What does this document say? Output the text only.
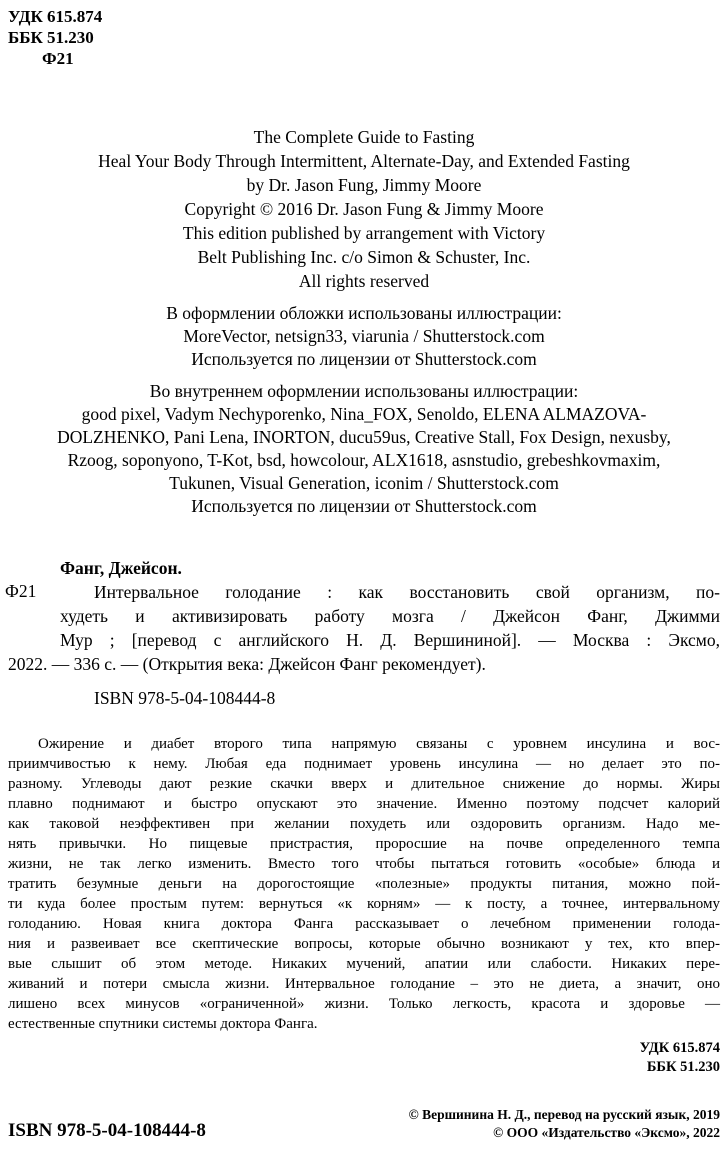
УДК 615.874
ББК 51.230
Ф21
The Complete Guide to Fasting
Heal Your Body Through Intermittent, Alternate-Day, and Extended Fasting
by Dr. Jason Fung, Jimmy Moore
Copyright © 2016 Dr. Jason Fung & Jimmy Moore
This edition published by arrangement with Victory
Belt Publishing Inc. c/o Simon & Schuster, Inc.
All rights reserved
В оформлении обложки использованы иллюстрации:
MoreVector, netsign33, viarunia / Shutterstock.com
Используется по лицензии от Shutterstock.com
Во внутреннем оформлении использованы иллюстрации:
good pixel, Vadym Nechyporenko, Nina_FOX, Senoldo, ELENA ALMAZOVA-
DOLZHENKO, Pani Lena, INORTON, ducu59us, Creative Stall, Fox Design, nexusby,
Rzoog, soponyono, T-Kot, bsd, howcolour, ALX1618, asnstudio, grebeshkovmaxim,
Tukunen, Visual Generation, iconim / Shutterstock.com
Используется по лицензии от Shutterstock.com
Фанг, Джейсон.
Ф21	Интервальное голодание : как восстановить свой организм, по-
худеть и активизировать работу мозга / Джейсон Фанг, Джимми
Мур ; [перевод с английского Н. Д. Вершининой]. — Москва : Эксмо,
2022. — 336 с. — (Открытия века: Джейсон Фанг рекомендует).
ISBN 978-5-04-108444-8
Ожирение и диабет второго типа напрямую связаны с уровнем инсулина и вос-
приимчивостью к нему. Любая еда поднимает уровень инсулина — но делает это по-
разному. Углеводы дают резкие скачки вверх и длительное снижение до нормы. Жиры
плавно поднимают и быстро опускают это значение. Именно поэтому подсчет калорий
как таковой неэффективен при желании похудеть или оздоровить организм. Надо ме-
нять привычки. Но пищевые пристрастия, проросшие на почве определенного темпа
жизни, не так легко изменить. Вместо того чтобы пытаться готовить «особые» блюда и
тратить безумные деньги на дорогостоящие «полезные» продукты питания, можно пой-
ти куда более простым путем: вернуться «к корням» — к посту, а точнее, интервальному
голоданию. Новая книга доктора Фанга рассказывает о лечебном применении голода-
ния и развеивает все скептические вопросы, которые обычно возникают у тех, кто впер-
вые слышит об этом методе. Никаких мучений, апатии или слабости. Никаких пере-
живаний и потери смысла жизни. Интервальное голодание – это не диета, а значит, оно
лишено всех минусов «ограниченной» жизни. Только легкость, красота и здоровье —
естественные спутники системы доктора Фанга.
УДК 615.874
ББК 51.230
ISBN 978-5-04-108444-8
© Вершинина Н. Д., перевод на русский язык, 2019
© ООО «Издательство «Эксмо», 2022
